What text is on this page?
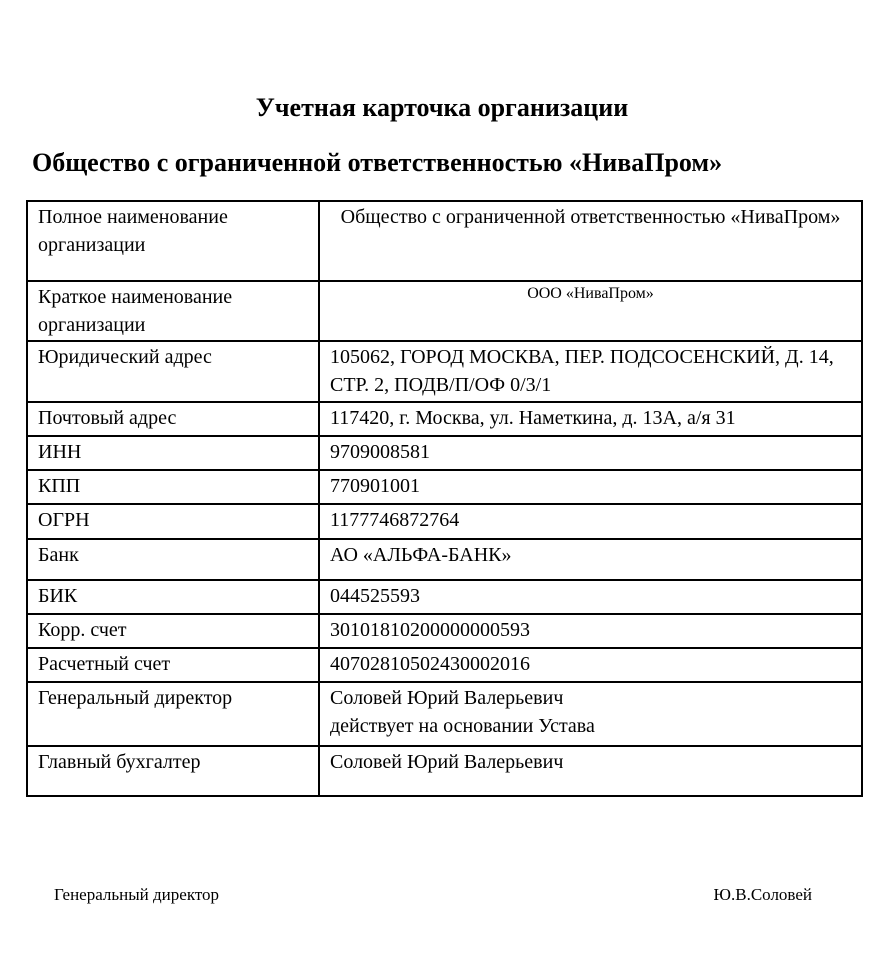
Учетная карточка организации
Общество с ограниченной ответственностью «НиваПром»
Полное наименование организации	Общество с ограниченной ответственностью «НиваПром»
Краткое наименование организации	ООО «НиваПром»
Юридический адрес	105062, ГОРОД МОСКВА, ПЕР. ПОДСОСЕНСКИЙ, Д. 14, СТР. 2, ПОДВ/П/ОФ 0/3/1
Почтовый адрес	117420, г. Москва, ул. Наметкина, д. 13А, а/я 31
ИНН	9709008581
КПП	770901001
ОГРН	1177746872764
Банк	АО «АЛЬФА-БАНК»
БИК	044525593
Корр. счет	30101810200000000593
Расчетный счет	40702810502430002016
Генеральный директор	Соловей Юрий Валерьевич
действует на основании Устава

Главный бухгалтер	Соловей Юрий Валерьевич
Генеральный директор	Ю.В.Соловей
